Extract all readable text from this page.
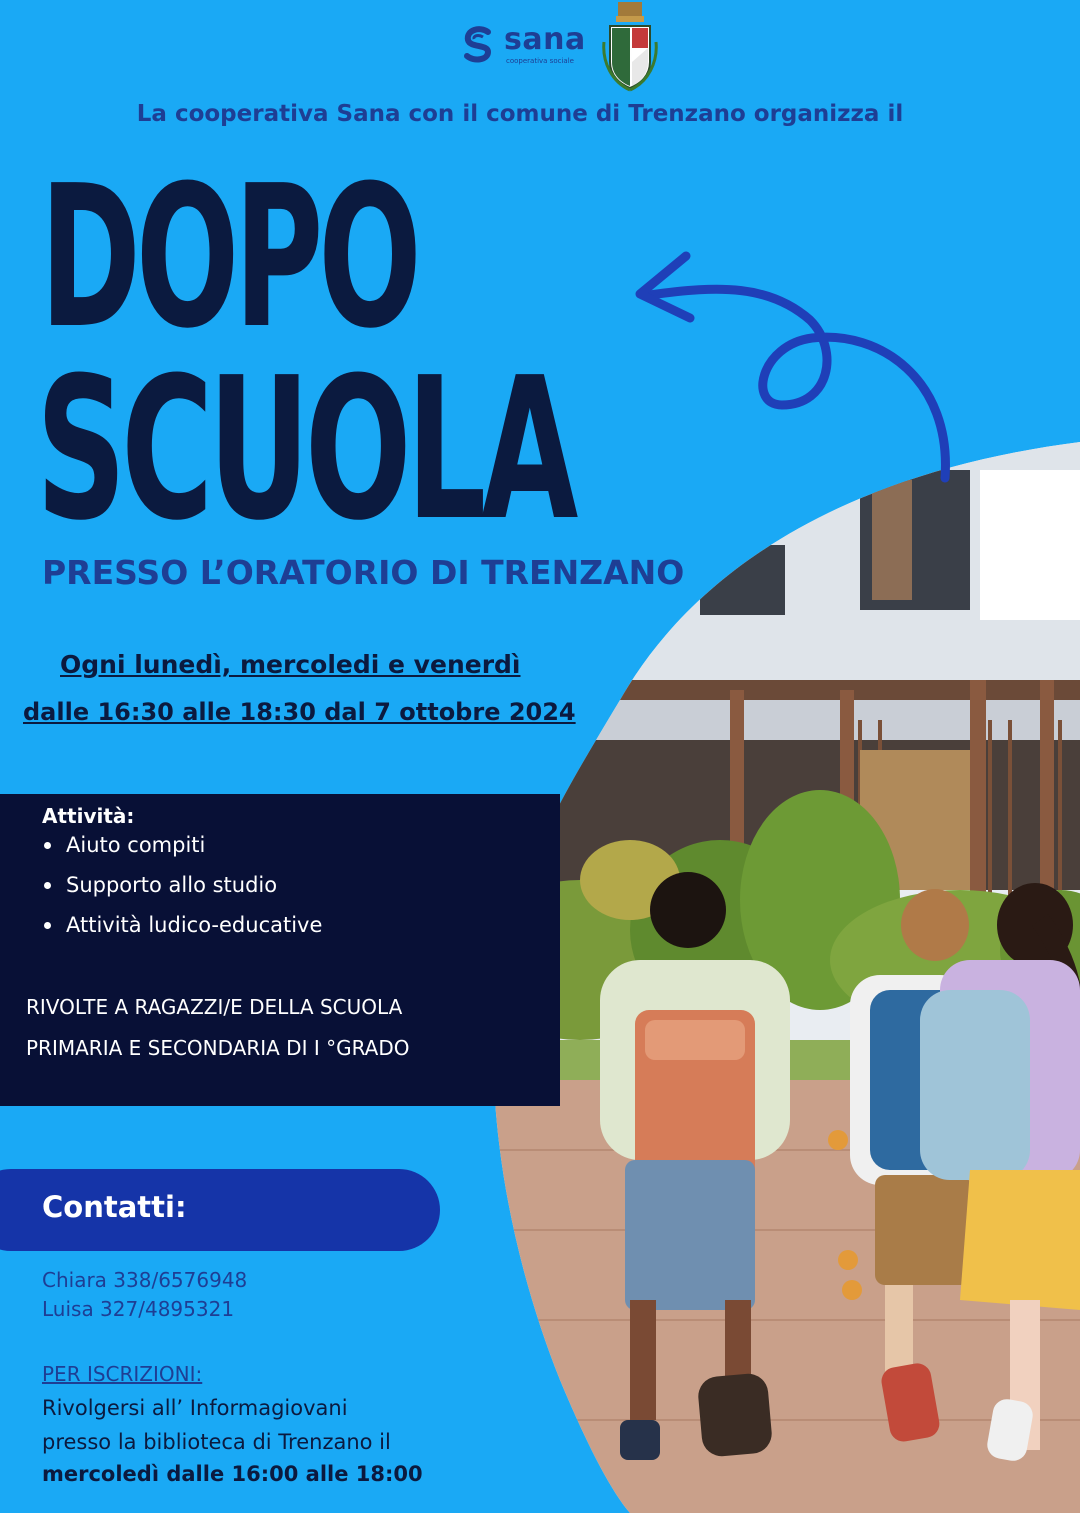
sana
cooperativa sociale
La cooperativa Sana con il comune di Trenzano organizza il
DOPO
SCUOLA
PRESSO L’ORATORIO DI TRENZANO
Ogni lunedì, mercoledi e venerdì
dalle 16:30 alle 18:30 dal 7 ottobre 2024
Attività:
Aiuto compiti
Supporto allo studio
Attività ludico-educative
RIVOLTE A RAGAZZI/E DELLA SCUOLA
PRIMARIA E SECONDARIA DI I °GRADO
Contatti:
Chiara 338/6576948
Luisa 327/4895321
PER ISCRIZIONI:
Rivolgersi all’ Informagiovani
presso la biblioteca di Trenzano il
mercoledì dalle 16:00 alle 18:00
